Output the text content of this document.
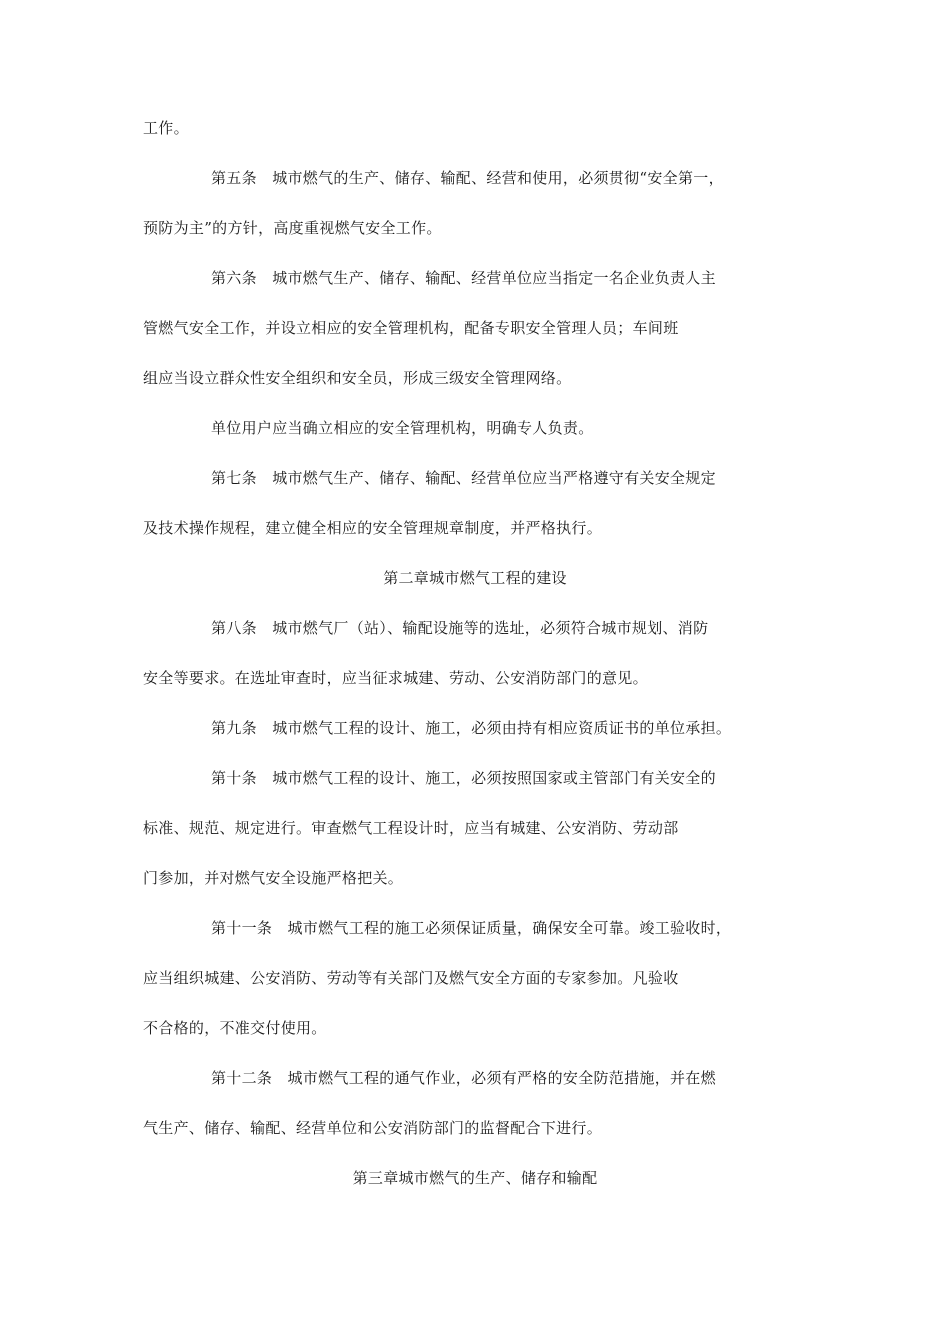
工作。
第五条　城市燃气的生产、储存、输配、经营和使用，必须贯彻“安全第一，
预防为主”的方针，高度重视燃气安全工作。
第六条　城市燃气生产、储存、输配、经营单位应当指定一名企业负责人主
管燃气安全工作，并设立相应的安全管理机构，配备专职安全管理人员；车间班
组应当设立群众性安全组织和安全员，形成三级安全管理网络。
单位用户应当确立相应的安全管理机构，明确专人负责。
第七条　城市燃气生产、储存、输配、经营单位应当严格遵守有关安全规定
及技术操作规程，建立健全相应的安全管理规章制度，并严格执行。
第二章城市燃气工程的建设
第八条　城市燃气厂（站）、输配设施等的选址，必须符合城市规划、消防
安全等要求。在选址审查时，应当征求城建、劳动、公安消防部门的意见。
第九条　城市燃气工程的设计、施工，必须由持有相应资质证书的单位承担。
第十条　城市燃气工程的设计、施工，必须按照国家或主管部门有关安全的
标准、规范、规定进行。审查燃气工程设计时，应当有城建、公安消防、劳动部
门参加，并对燃气安全设施严格把关。
第十一条　城市燃气工程的施工必须保证质量，确保安全可靠。竣工验收时，
应当组织城建、公安消防、劳动等有关部门及燃气安全方面的专家参加。凡验收
不合格的，不准交付使用。
第十二条　城市燃气工程的通气作业，必须有严格的安全防范措施，并在燃
气生产、储存、输配、经营单位和公安消防部门的监督配合下进行。
第三章城市燃气的生产、储存和输配
